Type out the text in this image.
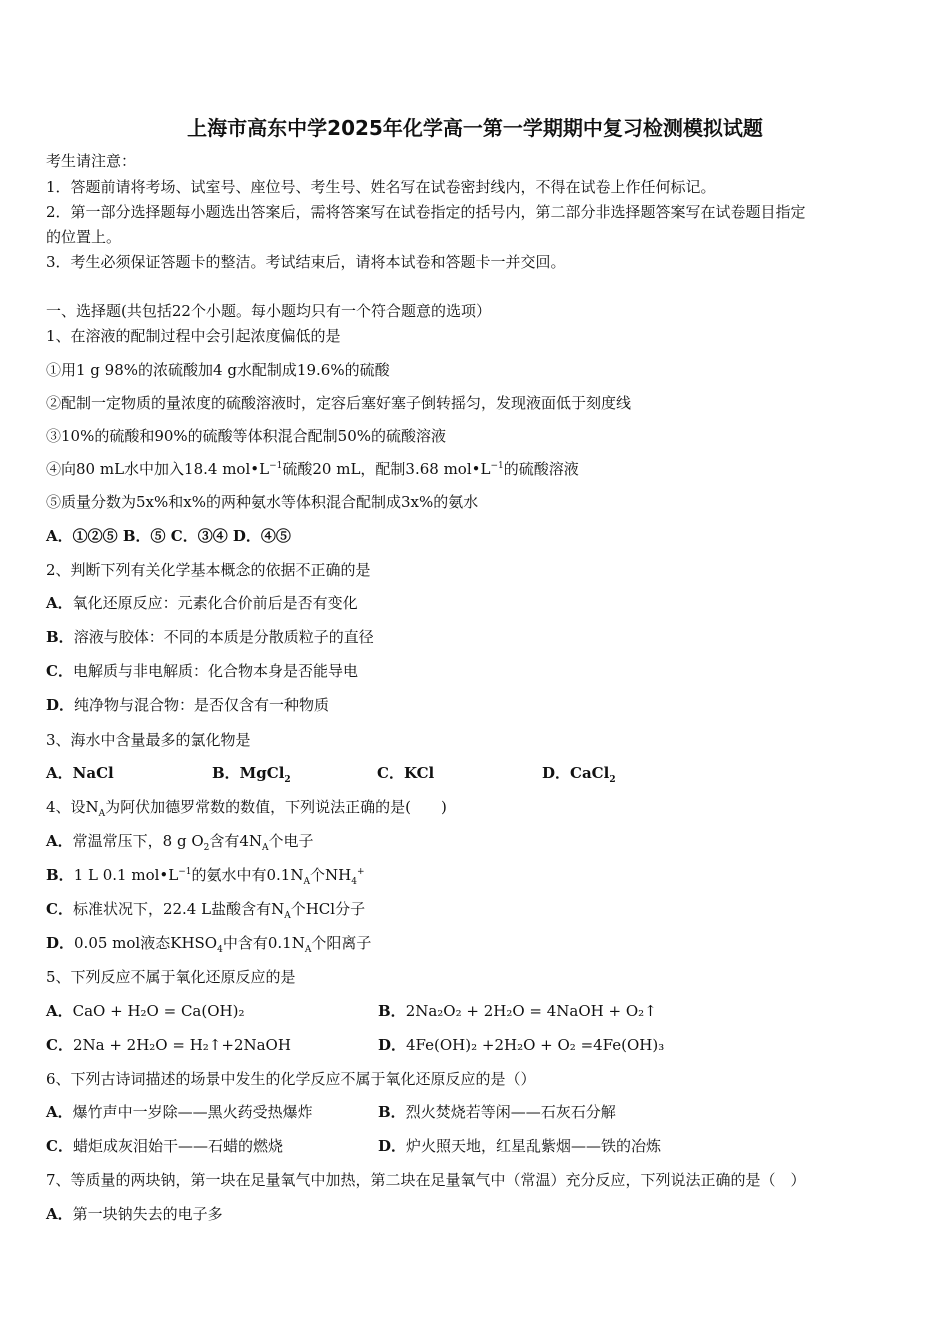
上海市高东中学2025年化学高一第一学期期中复习检测模拟试题
考生请注意：
1．答题前请将考场、试室号、座位号、考生号、姓名写在试卷密封线内，不得在试卷上作任何标记。
2．第一部分选择题每小题选出答案后，需将答案写在试卷指定的括号内，第二部分非选择题答案写在试卷题目指定
的位置上。
3．考生必须保证答题卡的整洁。考试结束后，请将本试卷和答题卡一并交回。
一、选择题(共包括22个小题。每小题均只有一个符合题意的选项）
1、在溶液的配制过程中会引起浓度偏低的是
①用1 g 98%的浓硫酸加4 g水配制成19.6%的硫酸
②配制一定物质的量浓度的硫酸溶液时，定容后塞好塞子倒转摇匀，发现液面低于刻度线
③10%的硫酸和90%的硫酸等体积混合配制50%的硫酸溶液
④向80 mL水中加入18.4 $mol•L^{-1}$硫酸20 mL，配制3.68 $mol•L^{-1}$的硫酸溶液
⑤质量分数为5x%和x%的两种氨水等体积混合配制成3x%的氨水
A．①②⑤ B．⑤ C．③④ D．④⑤
2、判断下列有关化学基本概念的依据不正确的是
A．氧化还原反应：元素化合价前后是否有变化
B．溶液与胶体：不同的本质是分散质粒子的直径
C．电解质与非电解质：化合物本身是否能导电
D．纯净物与混合物：是否仅含有一种物质
3、海水中含量最多的氯化物是
A．NaCl	B．MgCl$_2$	C．KCl	D．CaCl$_2$
4、设$N_A$为阿伏加德罗常数的数值，下列说法正确的是(　　)
A．常温常压下，8 g $O_2$含有$4N_A$个电子
B．1 L 0.1 $mol•L^{-1}$的氨水中有$0.1N_A$个$NH_4^+$
C．标准状况下，22.4 L盐酸含有$N_A$个HCl分子
D．0.05 mol液态$KHSO_4$中含有$0.1N_A$个阳离子
5、下列反应不属于氧化还原反应的是
A．CaO + H₂O = Ca(OH)₂	B．2Na₂O₂ + 2H₂O = 4NaOH + O₂↑
C．2Na + 2H₂O = H₂↑+2NaOH	D．4Fe(OH)₂ +2H₂O + O₂ =4Fe(OH)₃
6、下列古诗词描述的场景中发生的化学反应不属于氧化还原反应的是（）
A．爆竹声中一岁除——黑火药受热爆炸	B．烈火焚烧若等闲——石灰石分解
C．蜡炬成灰泪始干——石蜡的燃烧	D．炉火照天地，红星乱紫烟——铁的冶炼
7、等质量的两块钠，第一块在足量氧气中加热，第二块在足量氧气中（常温）充分反应，下列说法正确的是（　）
A．第一块钠失去的电子多
